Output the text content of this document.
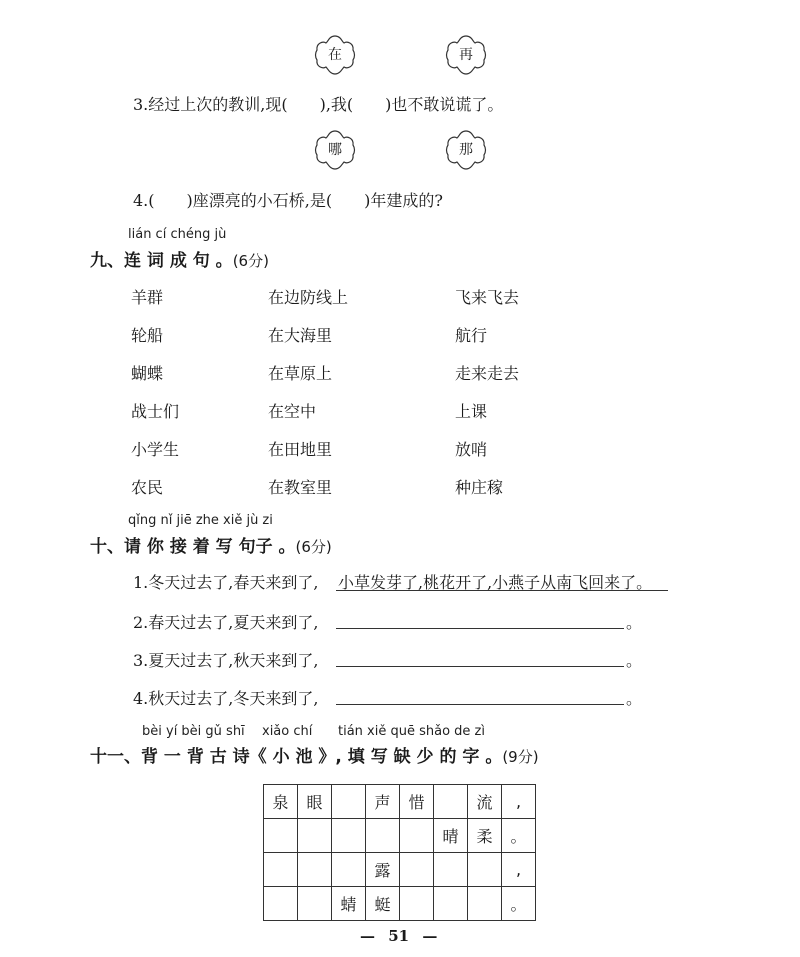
在	再
3.经过上次的教训,现(　　),我(　　)也不敢说谎了。
哪	那
4.(　　)座漂亮的小石桥,是(　　)年建成的?
lián cí chéng jù
九、连 词 成 句 。(6分)
羊群	在边防线上	飞来飞去
轮船	在大海里	航行
蝴蝶	在草原上	走来走去
战士们	在空中	上课
小学生	在田地里	放哨
农民	在教室里	种庄稼
qǐng nǐ jiē zhe xiě jù zi
十、请 你 接 着 写 句子 。(6分)
1.冬天过去了,春天来到了, 小草发芽了,桃花开了,小燕子从南飞回来了。
2.春天过去了,夏天来到了,	。
3.夏天过去了,秋天来到了,	。
4.秋天过去了,冬天来到了,	。
bèi yí bèi gǔ shī xiǎo chí tián xiě quē shǎo de zì
十一、背 一 背 古 诗《 小 池 》, 填 写 缺 少 的 字 。(9分)
泉	眼		声	惜		流	,
					晴	柔	。
			露				,
		蜻	蜓				。
— 51 —
